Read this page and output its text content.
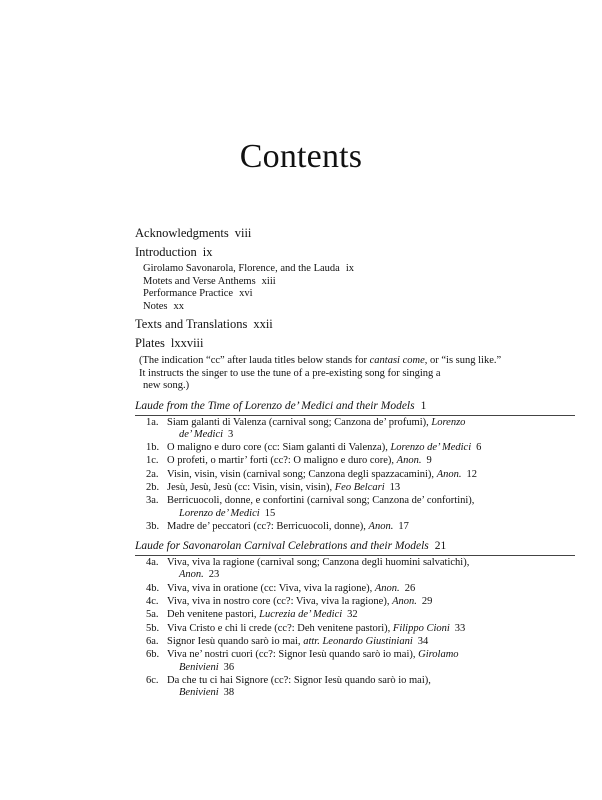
Contents
Acknowledgments viii
Introduction ix
Girolamo Savonarola, Florence, and the Lauda ix
Motets and Verse Anthems xiii
Performance Practice xvi
Notes xx
Texts and Translations xxii
Plates lxxviii
(The indication “cc” after lauda titles below stands for cantasi come, or “is sung like.”
It instructs the singer to use the tune of a pre-existing song for singing a
new song.)
Laude from the Time of Lorenzo de’ Medici and their Models 1
1a. Siam galanti di Valenza (carnival song; Canzona de’ profumi), Lorenzo
de’ Medici 3
1b. O maligno e duro core (cc: Siam galanti di Valenza), Lorenzo de’ Medici 6
1c. O profeti, o martir’ forti (cc?: O maligno e duro core), Anon. 9
2a. Visin, visin, visin (carnival song; Canzona degli spazzacamini), Anon. 12
2b. Jesù, Jesù, Jesù (cc: Visin, visin, visin), Feo Belcari 13
3a. Berricuocoli, donne, e confortini (carnival song; Canzona de’ confortini),
Lorenzo de’ Medici 15
3b. Madre de’ peccatori (cc?: Berricuocoli, donne), Anon. 17
Laude for Savonarolan Carnival Celebrations and their Models 21
4a. Viva, viva la ragione (carnival song; Canzona degli huomini salvatichi),
Anon. 23
4b. Viva, viva in oratione (cc: Viva, viva la ragione), Anon. 26
4c. Viva, viva in nostro core (cc?: Viva, viva la ragione), Anon. 29
5a. Deh venitene pastori, Lucrezia de’ Medici 32
5b. Viva Cristo e chi li crede (cc?: Deh venitene pastori), Filippo Cioni 33
6a. Signor Iesù quando sarò io mai, attr. Leonardo Giustiniani 34
6b. Viva ne’ nostri cuori (cc?: Signor Iesù quando sarò io mai), Girolamo
Benivieni 36
6c. Da che tu ci hai Signore (cc?: Signor Iesù quando sarò io mai),
Benivieni 38
